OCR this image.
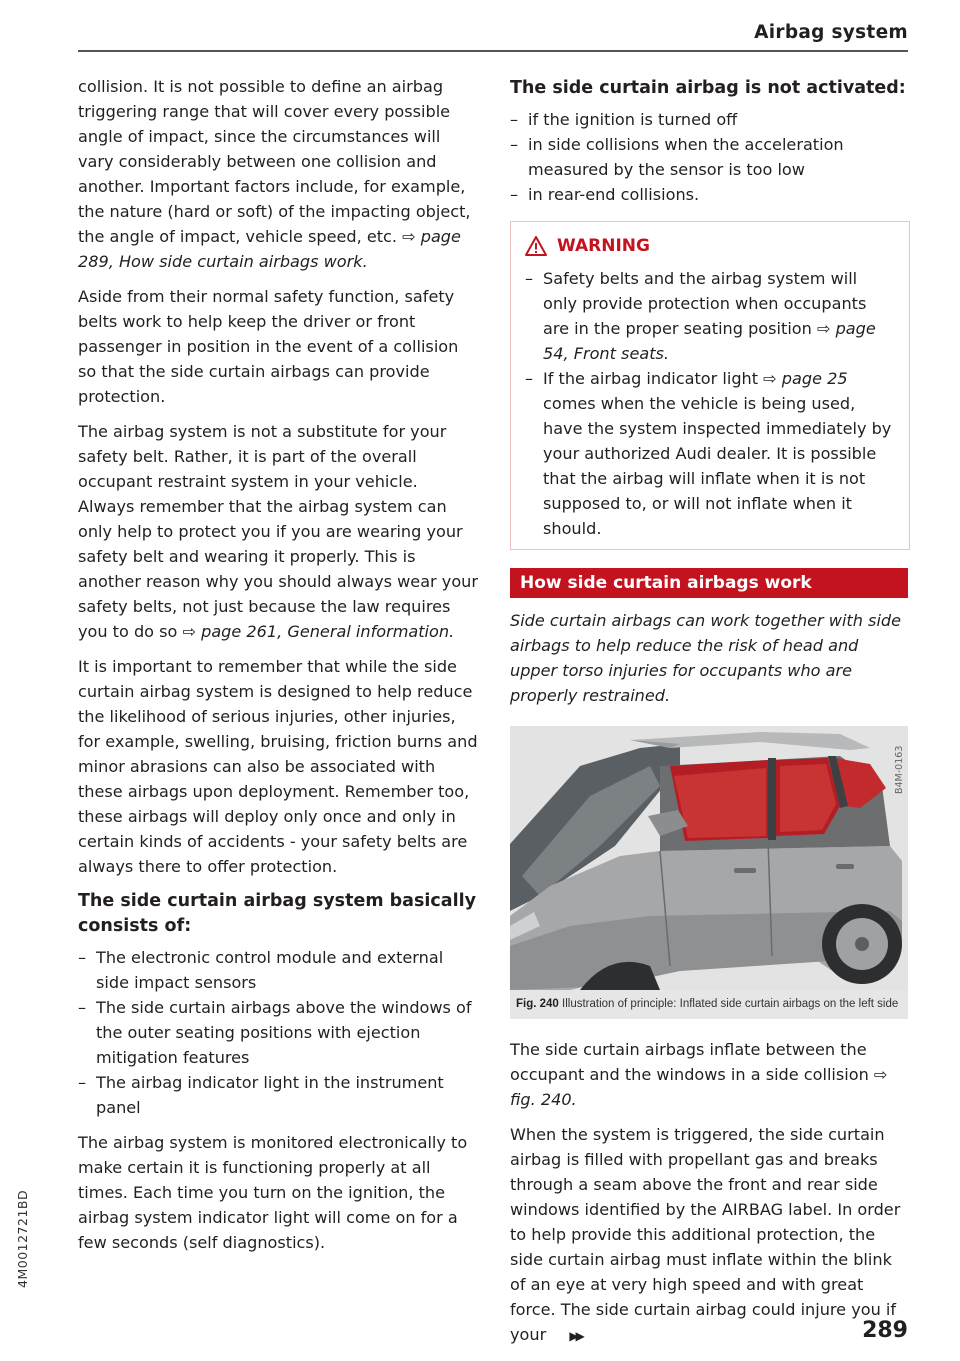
Airbag system
4M0012721BD

collision. It is not possible to define an airbag triggering range that will cover every possible angle of impact, since the circumstances will vary considerably between one collision and another. Important factors include, for example, the nature (hard or soft) of the impacting object, the angle of impact, vehicle speed, etc. ⇨ page 289, How side curtain airbags work.

Aside from their normal safety function, safety belts work to help keep the driver or front passenger in position in the event of a collision so that the side curtain airbags can provide protection.

The airbag system is not a substitute for your safety belt. Rather, it is part of the overall occupant restraint system in your vehicle. Always remember that the airbag system can only help to protect you if you are wearing your safety belt and wearing it properly. This is another reason why you should always wear your safety belts, not just because the law requires you to do so ⇨ page 261, General information.

It is important to remember that while the side curtain airbag system is designed to help reduce the likelihood of serious injuries, other injuries, for example, swelling, bruising, friction burns and minor abrasions can also be associated with these airbags upon deployment. Remember too, these airbags will deploy only once and only in certain kinds of accidents - your safety belts are always there to offer protection.

The side curtain airbag system basically consists of:
– The electronic control module and external side impact sensors
– The side curtain airbags above the windows of the outer seating positions with ejection mitigation features
– The airbag indicator light in the instrument panel

The airbag system is monitored electronically to make certain it is functioning properly at all times. Each time you turn on the ignition, the airbag system indicator light will come on for a few seconds (self diagnostics).

The side curtain airbag is not activated:
– if the ignition is turned off
– in side collisions when the acceleration measured by the sensor is too low
– in rear-end collisions.
WARNING
– Safety belts and the airbag system will only provide protection when occupants are in the proper seating position ⇨ page 54, Front seats.
– If the airbag indicator light ⇨ page 25 comes when the vehicle is being used, have the system inspected immediately by your authorized Audi dealer. It is possible that the airbag will inflate when it is not supposed to, or will not inflate when it should.
How side curtain airbags work

Side curtain airbags can work together with side airbags to help reduce the risk of head and upper torso injuries for occupants who are properly restrained.

B4M-0163
Fig. 240 Illustration of principle: Inflated side curtain airbags on the left side

The side curtain airbags inflate between the occupant and the windows in a side collision ⇨ fig. 240.

When the system is triggered, the side curtain airbag is filled with propellant gas and breaks through a seam above the front and rear side windows identified by the AIRBAG label. In order to help provide this additional protection, the side curtain airbag must inflate within the blink of an eye at very high speed and with great force. The side curtain airbag could injure you if your ▶▶	289
